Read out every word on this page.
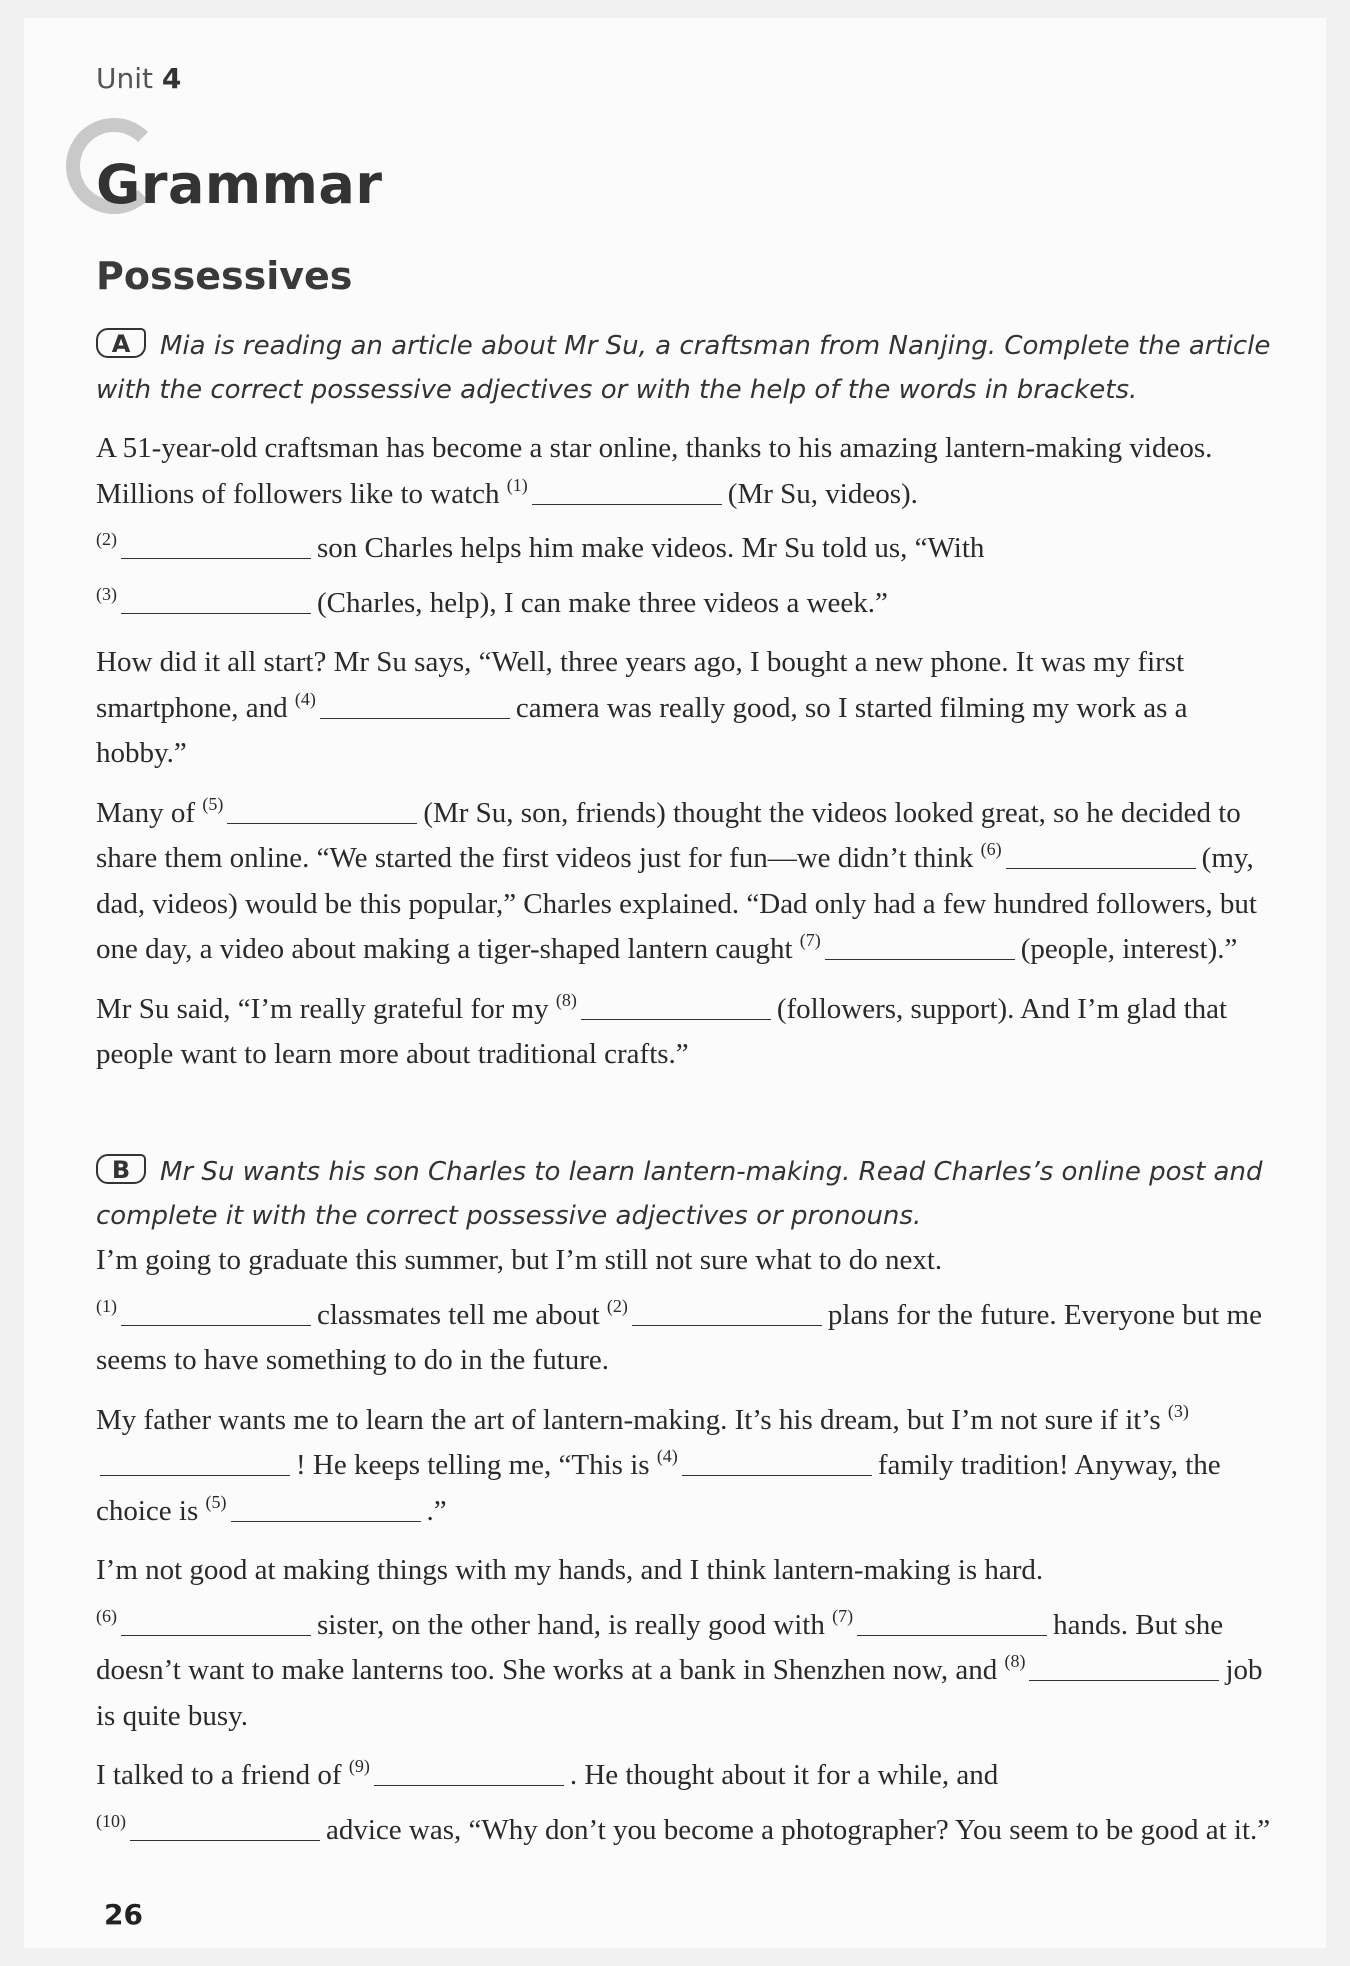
Unit 4
Grammar
Possessives
A Mia is reading an article about Mr Su, a craftsman from Nanjing. Complete the article with the correct possessive adjectives or with the help of the words in brackets.

A 51-year-old craftsman has become a star online, thanks to his amazing lantern-making videos. Millions of followers like to watch $^{(1)}$	(Mr Su, videos).
$^{(2)}$	son Charles helps him make videos. Mr Su told us, “With
$^{(3)}$	(Charles, help), I can make three videos a week.”

How did it all start? Mr Su says, “Well, three years ago, I bought a new phone. It was my first smartphone, and $^{(4)}$	camera was really good, so I started filming my work as a hobby.”

Many of $^{(5)}$	(Mr Su, son, friends) thought the videos looked great, so he decided to share them online. “We started the first videos just for fun—we didn’t think $^{(6)}$	(my, dad, videos) would be this popular,” Charles explained. “Dad only had a few hundred followers, but one day, a video about making a tiger-shaped lantern caught $^{(7)}$	(people, interest).”

Mr Su said, “I’m really grateful for my $^{(8)}$	(followers, support). And I’m glad that people want to learn more about traditional crafts.”

B Mr Su wants his son Charles to learn lantern-making. Read Charles’s online post and complete it with the correct possessive adjectives or pronouns.

I’m going to graduate this summer, but I’m still not sure what to do next.
$^{(1)}$	classmates tell me about $^{(2)}$	plans for the future. Everyone but me seems to have something to do in the future.

My father wants me to learn the art of lantern-making. It’s his dream, but I’m not sure if it’s $^{(3)}$! He keeps telling me, “This is $^{(4)}$	family tradition! Anyway, the choice is $^{(5)}$	.”

I’m not good at making things with my hands, and I think lantern-making is hard.
$^{(6)}$	sister, on the other hand, is really good with $^{(7)}$	hands. But she doesn’t want to make lanterns too. She works at a bank in Shenzhen now, and $^{(8)}$	job is quite busy.

I talked to a friend of $^{(9)}$	. He thought about it for a while, and
$^{(10)}$	advice was, “Why don’t you become a photographer? You seem to be good at it.”

26
